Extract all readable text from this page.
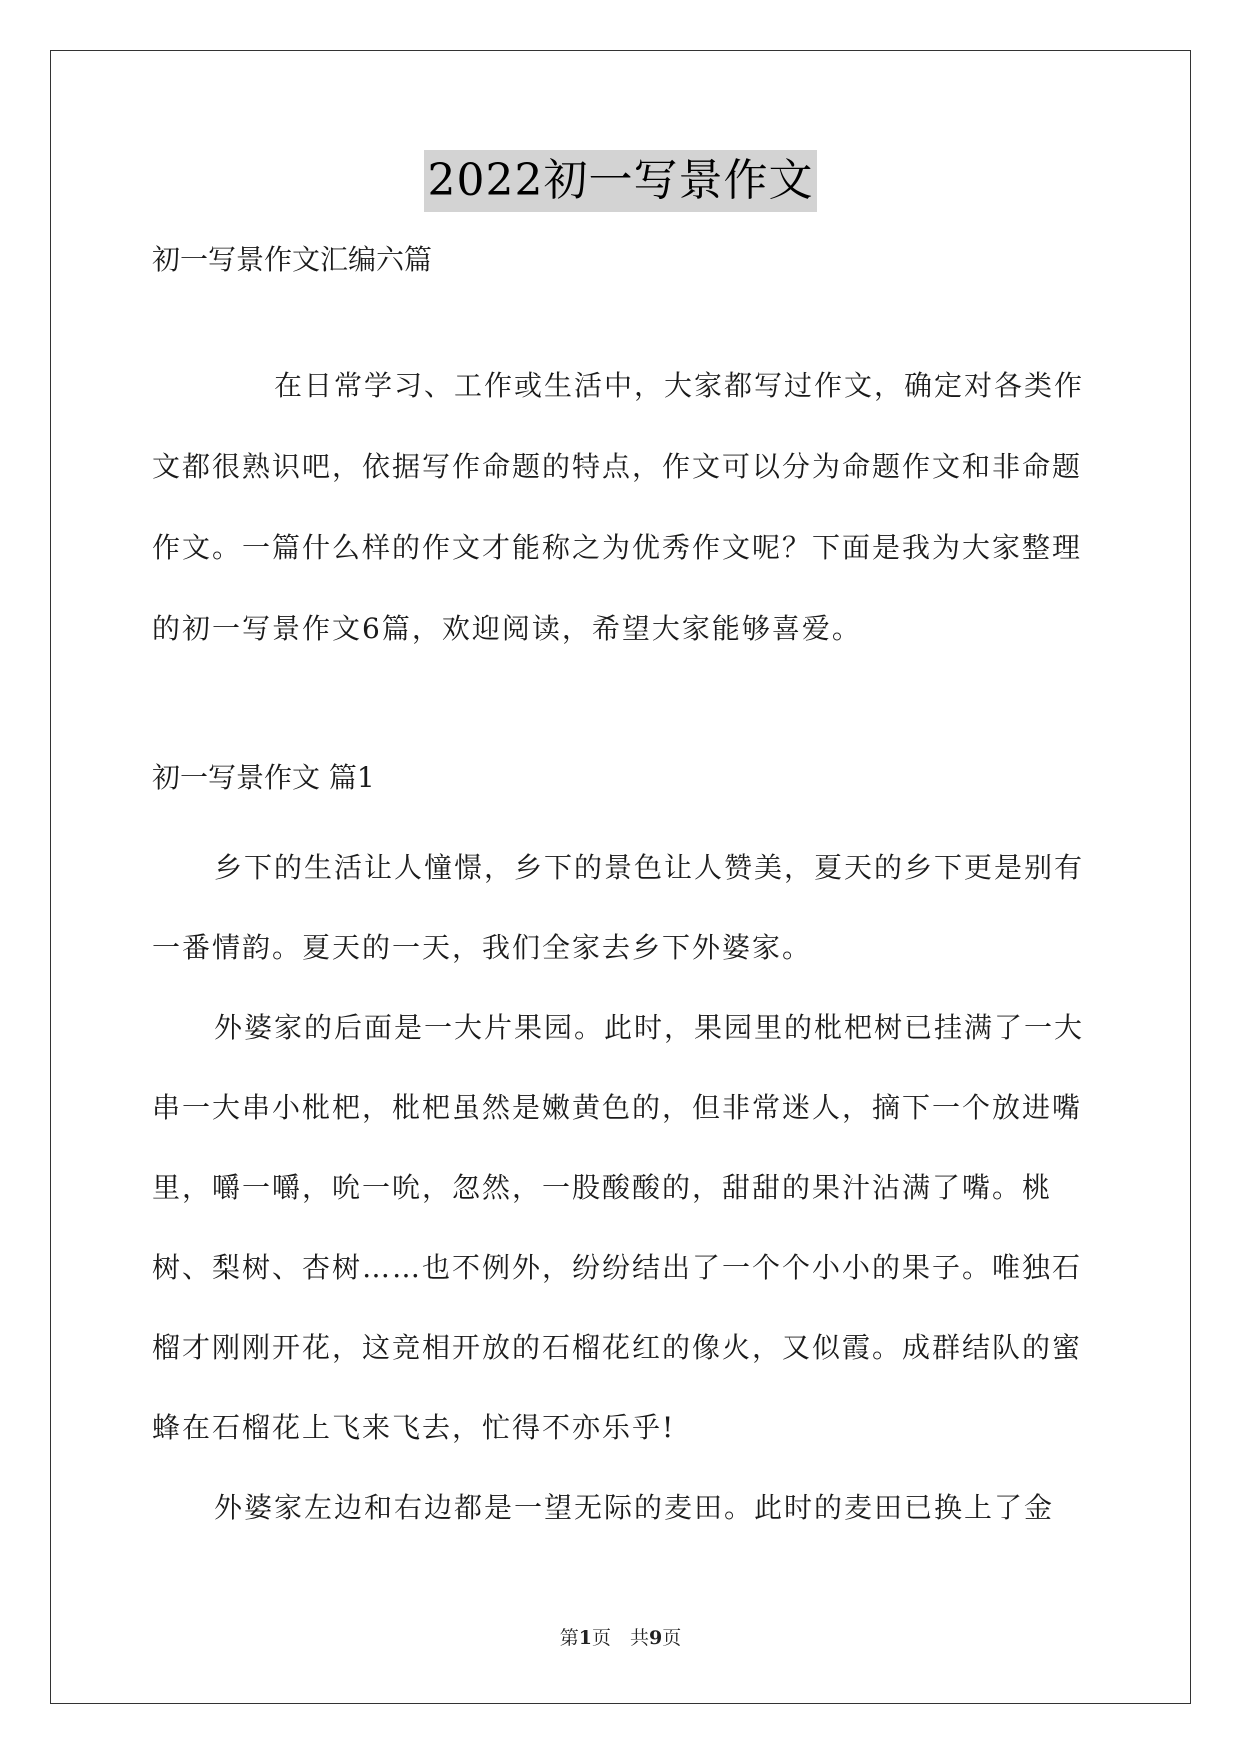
2022初一写景作文
初一写景作文汇编六篇

在日常学习、工作或生活中，大家都写过作文，确定对各类作文都很熟识吧，依据写作命题的特点，作文可以分为命题作文和非命题作文。一篇什么样的作文才能称之为优秀作文呢？下面是我为大家整理的初一写景作文6篇，欢迎阅读，希望大家能够喜爱。

初一写景作文 篇1

乡下的生活让人憧憬，乡下的景色让人赞美，夏天的乡下更是别有一番情韵。夏天的一天，我们全家去乡下外婆家。

外婆家的后面是一大片果园。此时，果园里的枇杷树已挂满了一大串一大串小枇杷，枇杷虽然是嫩黄色的，但非常迷人，摘下一个放进嘴里，嚼一嚼，吮一吮，忽然，一股酸酸的，甜甜的果汁沾满了嘴。桃树、梨树、杏树……也不例外，纷纷结出了一个个小小的果子。唯独石榴才刚刚开花，这竞相开放的石榴花红的像火，又似霞。成群结队的蜜蜂在石榴花上飞来飞去，忙得不亦乐乎!

外婆家左边和右边都是一望无际的麦田。此时的麦田已换上了金

第1页　共9页
